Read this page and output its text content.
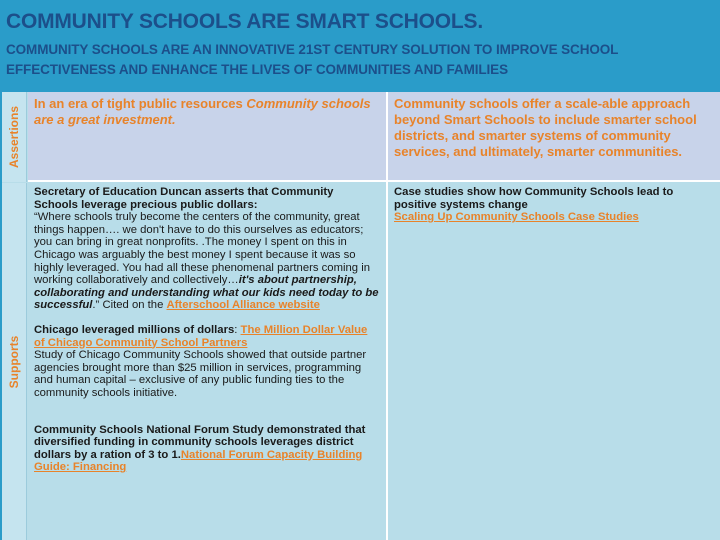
COMMUNITY SCHOOLS ARE SMART SCHOOLS.
COMMUNITY SCHOOLS ARE AN INNOVATIVE 21ST CENTURY SOLUTION TO IMPROVE SCHOOL EFFECTIVENESS AND ENHANCE THE LIVES OF COMMUNITIES AND FAMILIES
Assertions
Supports
In an era of tight public resources Community schools are a great investment.
Community schools offer a scale-able approach beyond Smart Schools to include smarter school districts, and smarter systems of community services, and ultimately, smarter communities.
Secretary of Education Duncan asserts that Community Schools leverage precious public dollars:
“Where schools truly become the centers of the community, great things happen…. we don't have to do this ourselves as educators; you can bring in great nonprofits. .The money I spent on this in Chicago was arguably the best money I spent because it was so highly leveraged. You had all these phenomenal partners coming in working collaboratively and collectively…it's about partnership, collaborating and understanding what our kids need today to be successful.” Cited on the Afterschool Alliance website
Chicago leveraged millions of dollars: The Million Dollar Value of Chicago Community School Partners
Study of Chicago Community Schools showed that outside partner agencies brought more than $25 million in services, programming and human capital – exclusive of any public funding ties to the community schools initiative.
Community Schools National Forum Study demonstrated that diversified funding in community schools leverages district dollars by a ration of 3 to 1.National Forum Capacity Building Guide: Financing
Case studies show how Community Schools lead to positive systems change
Scaling Up Community Schools Case Studies
